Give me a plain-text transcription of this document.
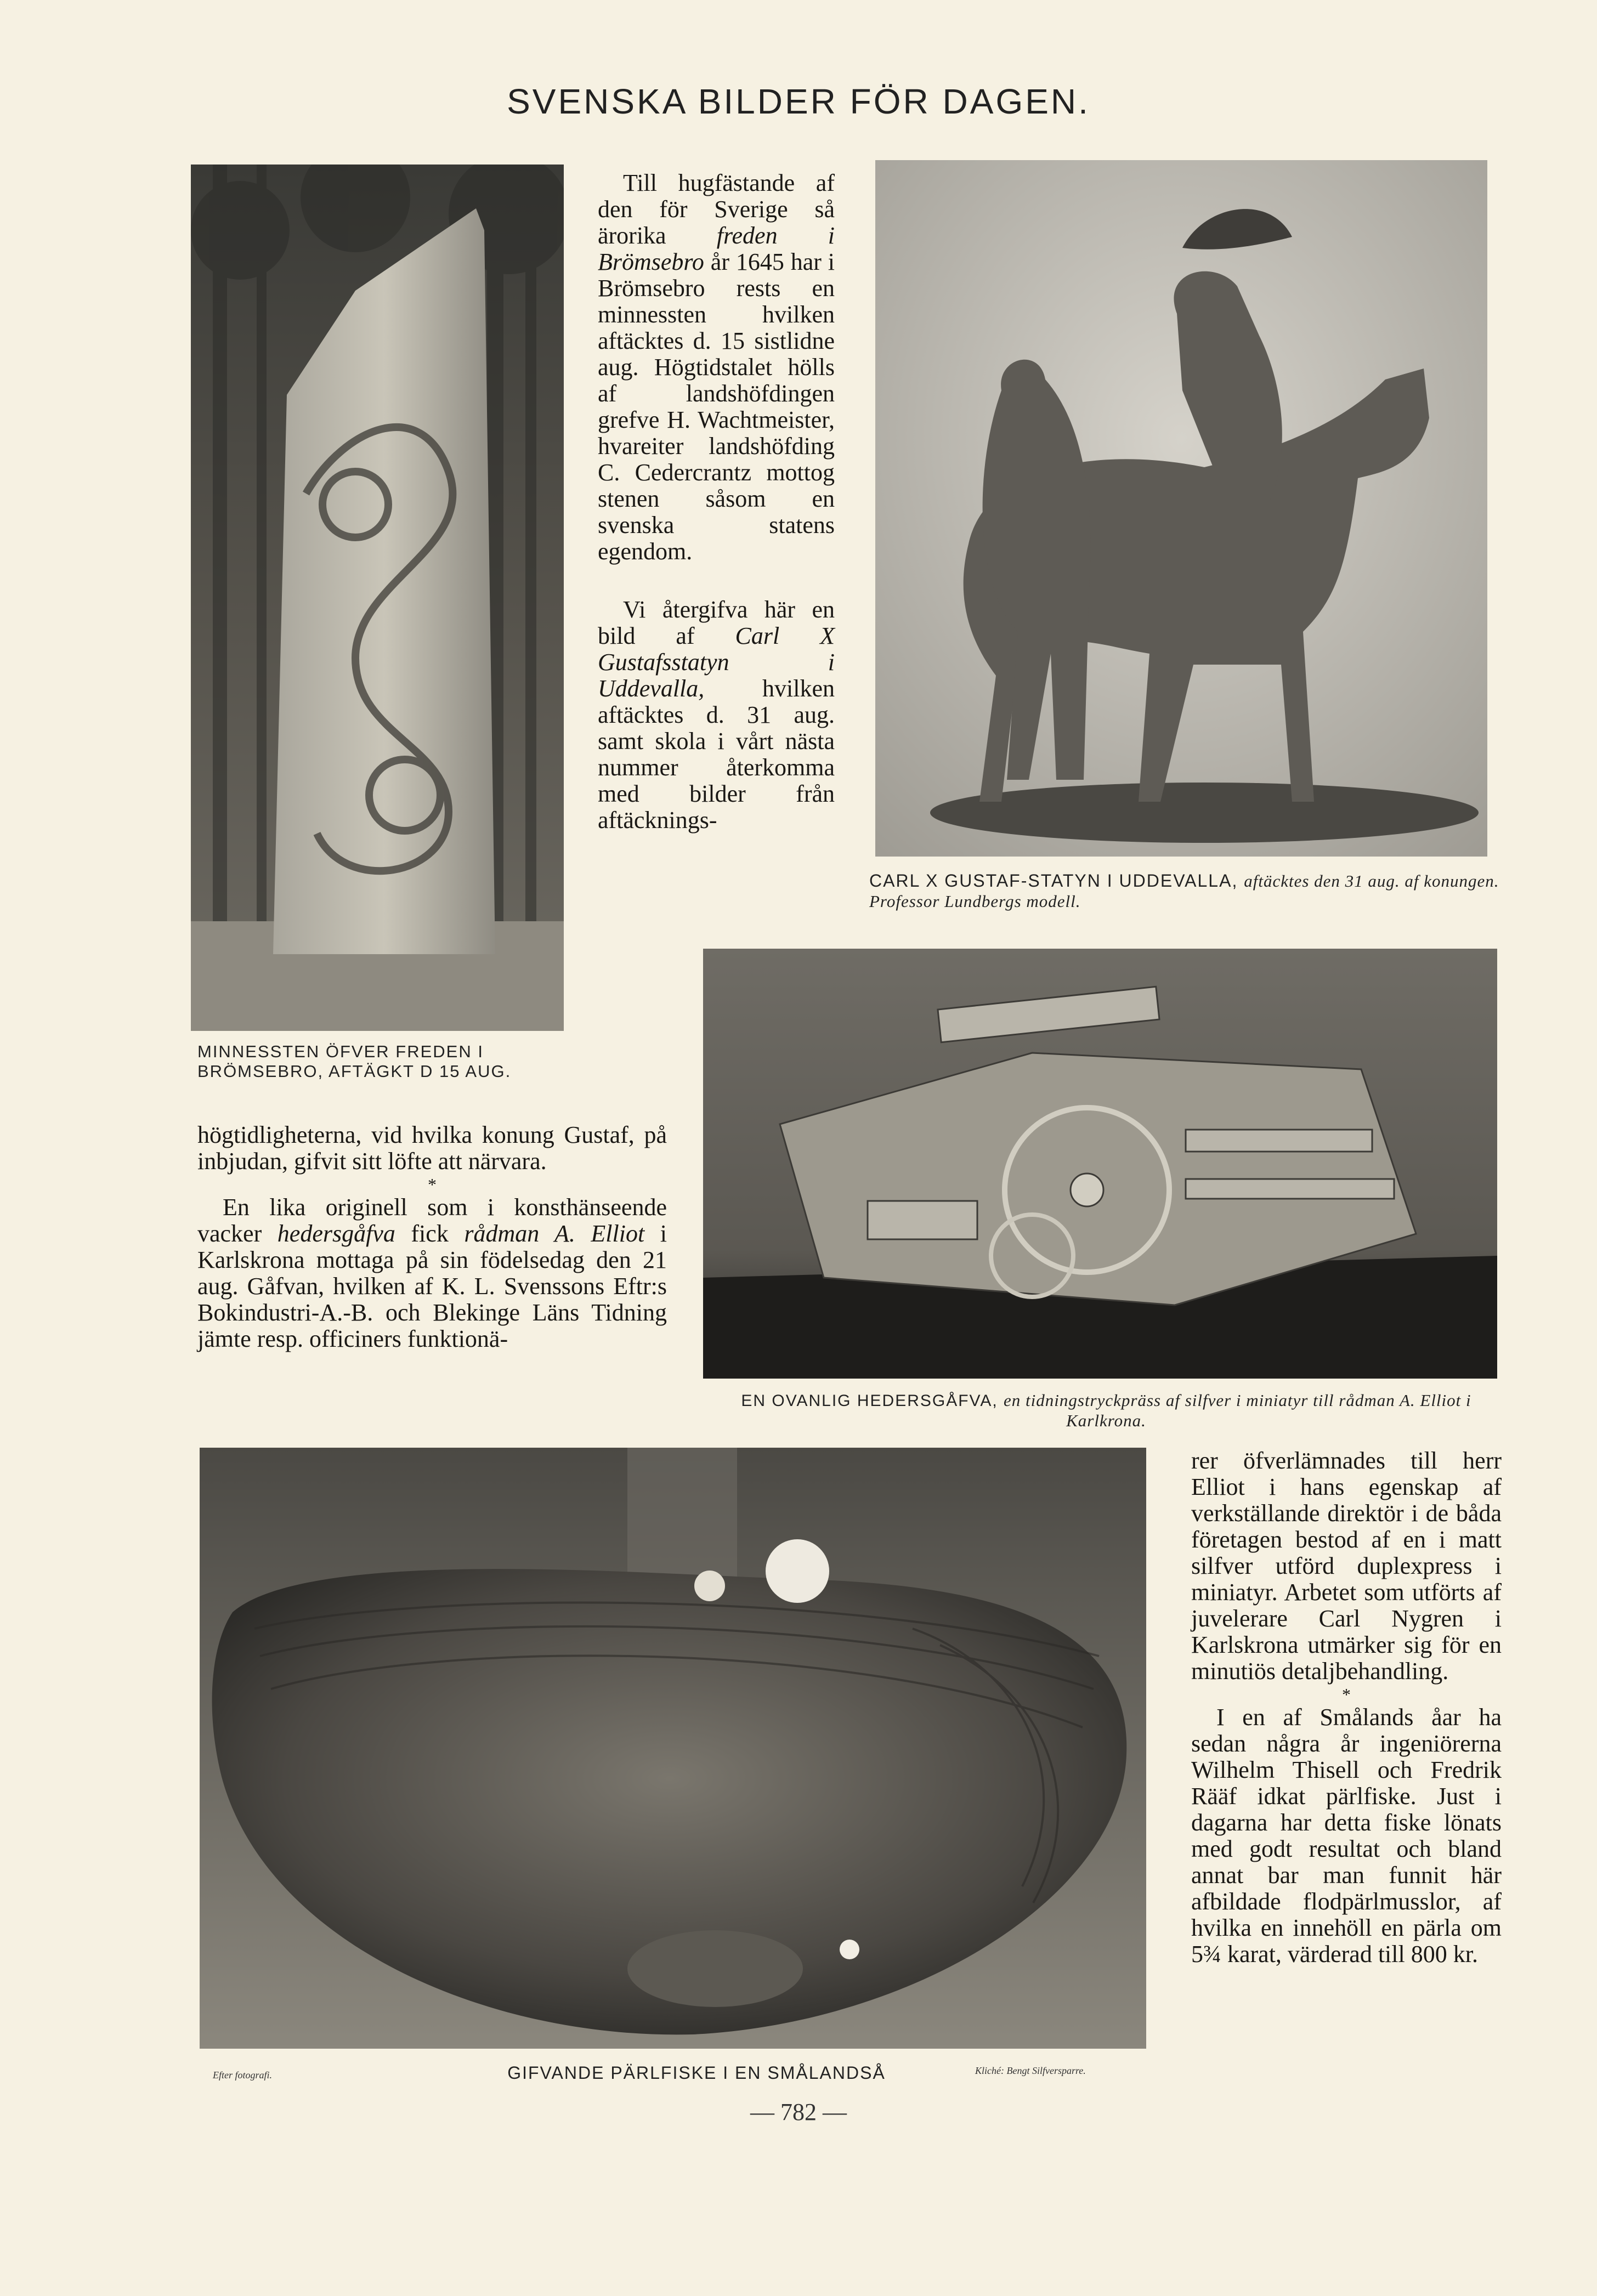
SVENSKA BILDER FÖR DAGEN.
MINNESSTEN ÖFVER FREDEN I BRÖMSEBRO, AFTÄGKT D 15 AUG.

Till hugfästande af den för Sverige så ärorika freden i Brömsebro år 1645 har i Brömsebro rests en minnessten hvilken aftäcktes d. 15 sistlidne aug. Högtidstalet hölls af landshöfdingen grefve H. Wachtmeister, hvareiter landshöfding C. Cedercrantz mottog stenen såsom en svenska statens egendom.

Vi återgifva här en bild af Carl X Gustafsstatyn i Uddevalla, hvilken aftäcktes d. 31 aug. samt skola i vårt nästa nummer återkomma med bilder från aftäcknings-

CARL X GUSTAF-STATYN I UDDEVALLA, aftäcktes den 31 aug. af konungen. Professor Lundbergs modell.
EN OVANLIG HEDERSGÅFVA, en tidningstryckpräss af silfver i miniatyr till rådman A. Elliot i Karlkrona.

högtidligheterna, vid hvilka konung Gustaf, på inbjudan, gifvit sitt löfte att närvara.

*

En lika originell som i konsthänseende vacker hedersgåfva fick rådman A. Elliot i Karlskrona mottaga på sin födelsedag den 21 aug. Gåfvan, hvilken af K. L. Svenssons Eftr:s Bokindustri-A.-B. och Blekinge Läns Tidning jämte resp. officiners funktionä-

Efter fotografi.	GIFVANDE PÄRLFISKE I EN SMÅLANDSÅ	Kliché: Bengt Silfversparre.

rer öfverlämnades till herr Elliot i hans egenskap af verkställande direktör i de båda företagen bestod af en i matt silfver utförd duplexpress i miniatyr. Arbetet som utförts af juvelerare Carl Nygren i Karlskrona utmärker sig för en minutiös detaljbehandling.

*

I en af Smålands åar ha sedan några år ingeniörerna Wilhelm Thisell och Fredrik Rääf idkat pärlfiske. Just i dagarna har detta fiske lönats med godt resultat och bland annat bar man funnit här afbildade flodpärlmusslor, af hvilka en innehöll en pärla om 5¾ karat, värderad till 800 kr.

— 782 —
